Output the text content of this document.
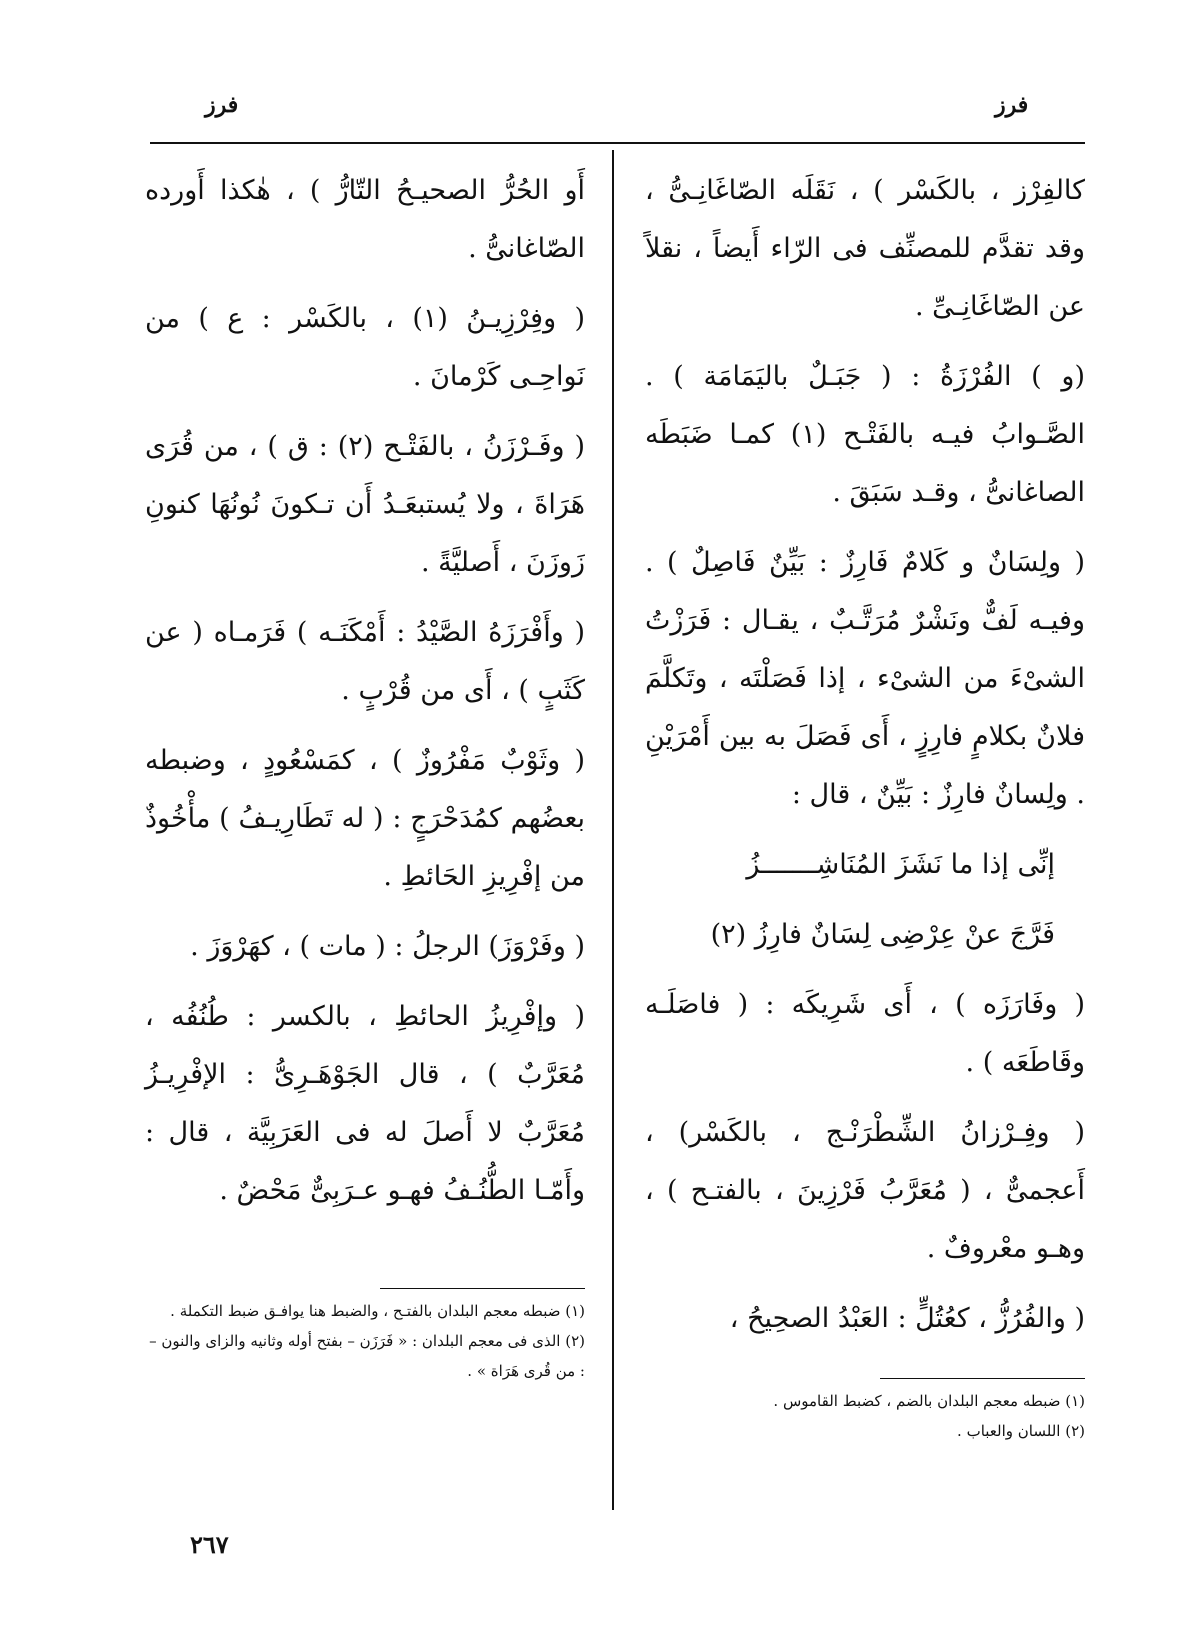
فرز	فرز

كالفِرْز ، بالكَسْر ) ، نَقَلَه الصّاغَانِـىُّ ، وقد تقدَّم للمصنِّف فى الرّاء أَيضاً ، نقلاً عن الصّاغَانِـىِّ .

(و ) الفُرْزَةُ : ( جَبَـلٌ باليَمَامَة ) . الصَّـوابُ فيـه بالفَتْـح (١) كمـا ضَبَطَه الصاغانىُّ ، وقـد سَبَقَ .

( ولِسَانٌ و كَلامٌ فَارِزٌ : بَيِّنٌ فَاصِلٌ ) . وفيـه لَفٌّ ونَشْرٌ مُرَتَّـبٌ ، يقـال : فَرَزْتُ الشىْءَ من الشىْء ، إذا فَصَلْتَه ، وتَكلَّمَ فلانٌ بكلامٍ فارِزٍ ، أَى فَصَلَ به بين أَمْرَيْنِ . ولِسانٌ فارِزٌ : بَيِّنٌ ، قال :

إنِّى إذا ما نَشَزَ المُنَاشِـــــــزُ
فَرَّجَ عنْ عِرْضِى لِسَانٌ فارِزُ (٢)

( وفَارَزَه ) ، أَى شَرِيكَه : ( فاصَلَـه وقَاطَعَه ) .

( وفِـرْزانُ الشِّطْرَنْـج ، بالكَسْر) ، أَعجمىٌّ ، ( مُعَرَّبُ فَرْزِينَ ، بالفتـح ) ، وهـو معْروفٌ .

( والفُرُزُّ ، كعُتُلٍّ : العَبْدُ الصحِيحُ ،

أَو الحُرُّ الصحيـحُ التّارُّ ) ، هٰكذا أَورده الصّاغانىُّ .

( وفِرْزِيـنُ (١) ، بالكَسْر : ع ) من نَواحِـى كَرْمانَ .

( وفَـرْزَنُ ، بالفَتْـح (٢) : ق ) ، من قُرَى هَرَاةَ ، ولا يُستبعَـدُ أَن تـكونَ نُونُهَا كنونِ زَوزَنَ ، أَصليَّةً .

( وأَفْرَزَهُ الصَّيْدُ : أَمْكَنَـه ) فَرَمـاه ( عن كَثَبٍ ) ، أَى من قُرْبٍ .

( وثَوْبٌ مَفْرُوزٌ ) ، كمَسْعُودٍ ، وضبطه بعضُهم كمُدَحْرَجٍ : ( له تَطَارِيـفُ ) مأْخُوذٌ من إفْرِيزِ الحَائطِ .

( وفَرْوَزَ) الرجلُ : ( مات ) ، كهَرْوَزَ .

( وإفْرِيزُ الحائطِ ، بالكسر : طُنُفُه ، مُعَرَّبٌ ) ، قال الجَوْهَـرِىُّ : الإفْرِيـزُ مُعَرَّبٌ لا أَصلَ له فى العَرَبِيَّة ، قال : وأَمّـا الطُّنُـفُ فهـو عـرَبِىٌّ مَحْضٌ .

(١) ضبطه معجم البلدان بالفتـح ، والضبط هنا يوافـق ضبط التكملة .

(٢) الذى فى معجم البلدان : « فَرَزَن – بفتح أوله وثانيه والزاى والنون – : من قُرى هَرَاة » .

(١) ضبطه معجم البلدان بالضم ، كضبط القاموس .

(٢) اللسان والعباب .

٢٦٧
